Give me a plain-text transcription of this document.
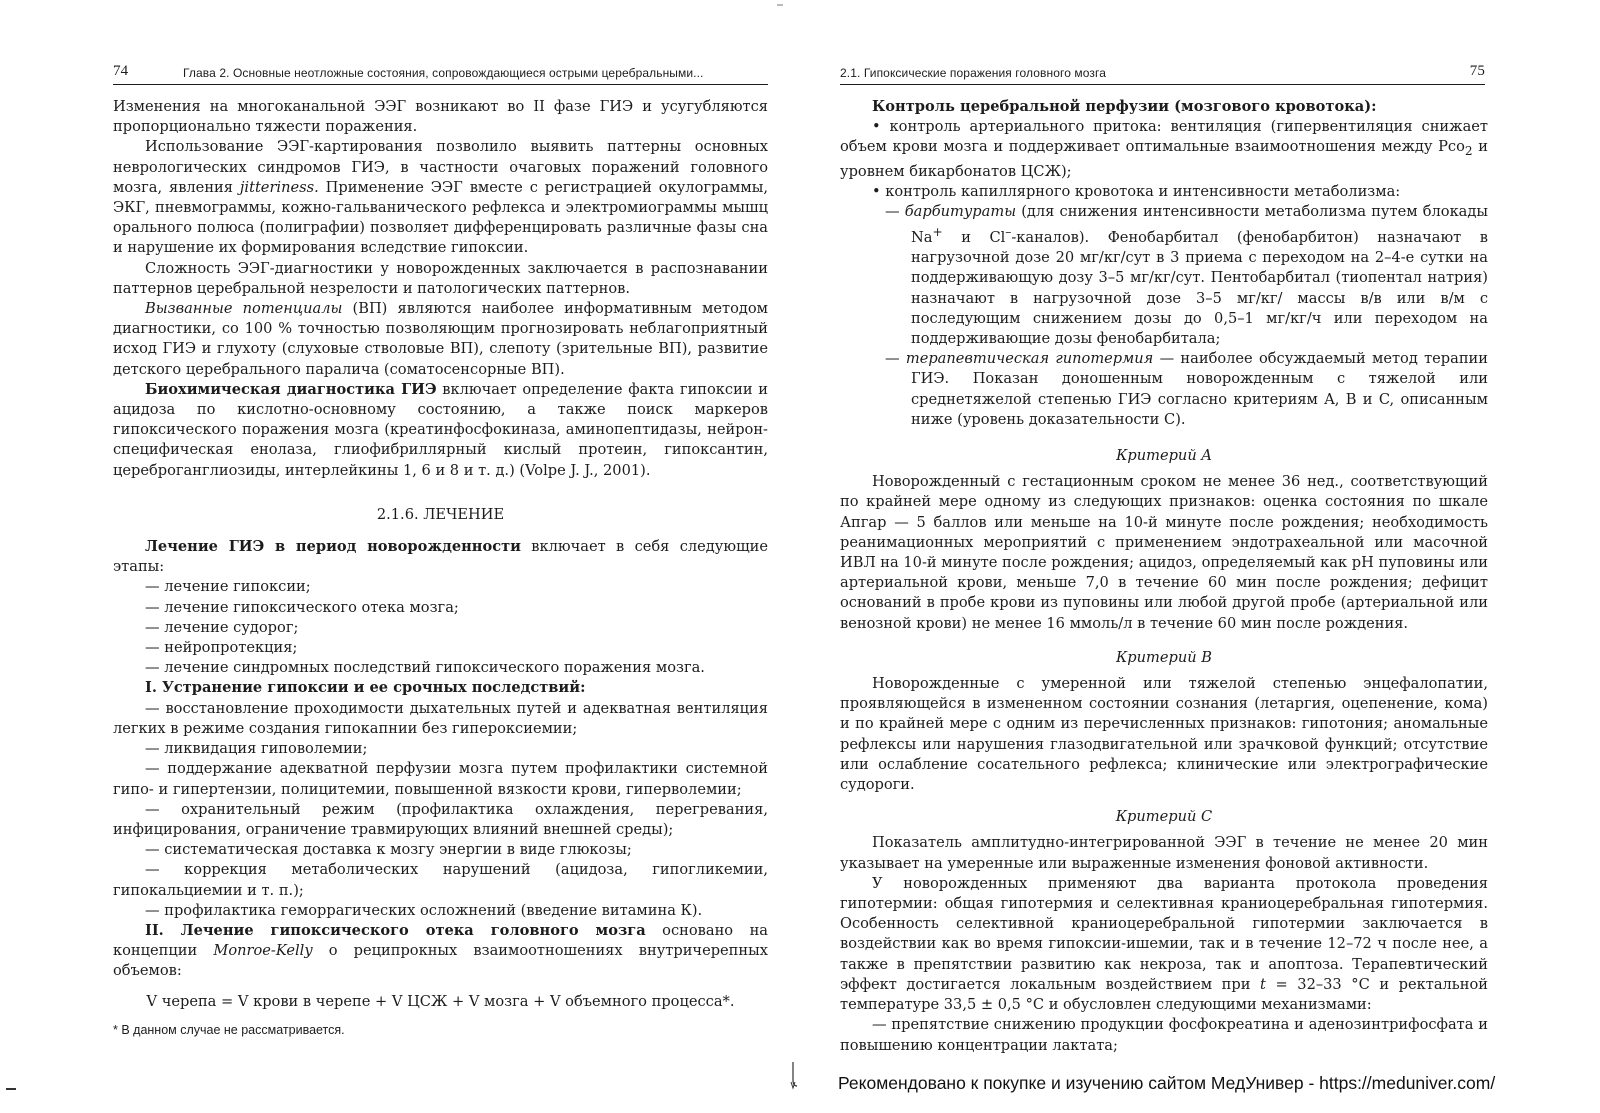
74	Глава 2. Основные неотложные состояния, сопровождающиеся острыми церебральными...

Изменения на многоканальной ЭЭГ возникают во II фазе ГИЭ и усугубляются пропорционально тяжести поражения.

Использование ЭЭГ-картирования позволило выявить паттерны основных неврологических синдромов ГИЭ, в частности очаговых поражений головного мозга, явления jitteriness. Применение ЭЭГ вместе с регистрацией окулограммы, ЭКГ, пневмограммы, кожно-гальванического рефлекса и электромиограммы мышц орального полюса (полиграфии) позволяет дифференцировать различные фазы сна и нарушение их формирования вследствие гипоксии.

Сложность ЭЭГ-диагностики у новорожденных заключается в распознавании паттернов церебральной незрелости и патологических паттернов.

Вызванные потенциалы (ВП) являются наиболее информативным методом диагностики, со 100 % точностью позволяющим прогнозировать неблагоприятный исход ГИЭ и глухоту (слуховые стволовые ВП), слепоту (зрительные ВП), развитие детского церебрального паралича (соматосенсорные ВП).

Биохимическая диагностика ГИЭ включает определение факта гипоксии и ацидоза по кислотно-основному состоянию, а также поиск маркеров гипоксического поражения мозга (креатинфосфокиназа, аминопептидазы, нейрон-специфическая енолаза, глиофибриллярный кислый протеин, гипоксантин, цереброганглиозиды, интерлейкины 1, 6 и 8 и т. д.) (Volpe J. J., 2001).

2.1.6. ЛЕЧЕНИЕ

Лечение ГИЭ в период новорожденности включает в себя следующие этапы:

— лечение гипоксии;

— лечение гипоксического отека мозга;

— лечение судорог;

— нейропротекция;

— лечение синдромных последствий гипоксического поражения мозга.

I. Устранение гипоксии и ее срочных последствий:

— восстановление проходимости дыхательных путей и адекватная вентиляция легких в режиме создания гипокапнии без гипероксиемии;

— ликвидация гиповолемии;

— поддержание адекватной перфузии мозга путем профилактики системной гипо- и гипертензии, полицитемии, повышенной вязкости крови, гиперволемии;

— охранительный режим (профилактика охлаждения, перегревания, инфицирования, ограничение травмирующих влияний внешней среды);

— систематическая доставка к мозгу энергии в виде глюкозы;

— коррекция метаболических нарушений (ацидоза, гипогликемии, гипокальциемии и т. п.);

— профилактика геморрагических осложнений (введение витамина К).

II. Лечение гипоксического отека головного мозга основано на концепции Monroe-Kelly о реципрокных взаимоотношениях внутричерепных объемов:

V черепа = V крови в черепе + V ЦСЖ + V мозга + V объемного процесса*.
* В данном случае не рассматривается.
2.1. Гипоксические поражения головного мозга	75

Контроль церебральной перфузии (мозгового кровотока):

• контроль артериального притока: вентиляция (гипервентиляция снижает объем крови мозга и поддерживает оптимальные взаимоотношения между Pco$_2$ и уровнем бикарбонатов ЦСЖ);

• контроль капиллярного кровотока и интенсивности метаболизма:

— барбитураты (для снижения интенсивности метаболизма путем блокады Na+ и Cl–-каналов). Фенобарбитал (фенобарбитон) назначают в нагрузочной дозе 20 мг/кг/сут в 3 приема с переходом на 2–4-е сутки на поддерживающую дозу 3–5 мг/кг/сут. Пентобарбитал (тиопентал натрия) назначают в нагрузочной дозе 3–5 мг/кг/ массы в/в или в/м с последующим снижением дозы до 0,5–1 мг/кг/ч или переходом на поддерживающие дозы фенобарбитала;

— терапевтическая гипотермия — наиболее обсуждаемый метод терапии ГИЭ. Показан доношенным новорожденным с тяжелой или среднетяжелой степенью ГИЭ согласно критериям A, B и C, описанным ниже (уровень доказательности C).

Критерий A

Новорожденный с гестационным сроком не менее 36 нед., соответствующий по крайней мере одному из следующих признаков: оценка состояния по шкале Апгар — 5 баллов или меньше на 10-й минуте после рождения; необходимость реанимационных мероприятий с применением эндотрахеальной или масочной ИВЛ на 10-й минуте после рождения; ацидоз, определяемый как pH пуповины или артериальной крови, меньше 7,0 в течение 60 мин после рождения; дефицит оснований в пробе крови из пуповины или любой другой пробе (артериальной или венозной крови) не менее 16 ммоль/л в течение 60 мин после рождения.

Критерий B

Новорожденные с умеренной или тяжелой степенью энцефалопатии, проявляющейся в измененном состоянии сознания (летаргия, оцепенение, кома) и по крайней мере с одним из перечисленных признаков: гипотония; аномальные рефлексы или нарушения глазодвигательной или зрачковой функций; отсутствие или ослабление сосательного рефлекса; клинические или электрографические судороги.

Критерий C

Показатель амплитудно-интегрированной ЭЭГ в течение не менее 20 мин указывает на умеренные или выраженные изменения фоновой активности.

У новорожденных применяют два варианта протокола проведения гипотермии: общая гипотермия и селективная краниоцеребральная гипотермия. Особенность селективной краниоцеребральной гипотермии заключается в воздействии как во время гипоксии-ишемии, так и в течение 12–72 ч после нее, а также в препятствии развитию как некроза, так и апоптоза. Терапевтический эффект достигается локальным воздействием при t = 32–33 °C и ректальной температуре 33,5 ± 0,5 °C и обусловлен следующими механизмами:

— препятствие снижению продукции фосфокреатина и аденозинтрифосфата и повышению концентрации лактата;

Рекомендовано к покупке и изучению сайтом МедУнивер - https://meduniver.com/
